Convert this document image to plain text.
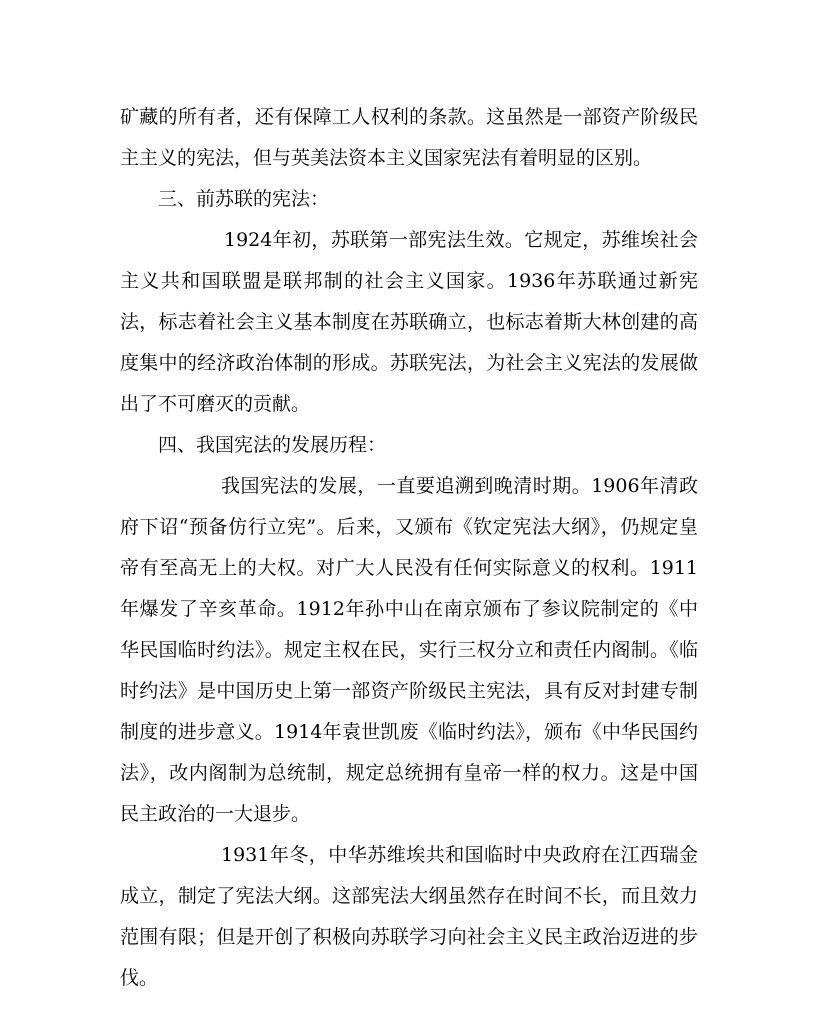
矿藏的所有者，还有保障工人权利的条款。这虽然是一部资产阶级民主主义的宪法，但与英美法资本主义国家宪法有着明显的区别。

三、前苏联的宪法：

1924年初，苏联第一部宪法生效。它规定，苏维埃社会主义共和国联盟是联邦制的社会主义国家。1936年苏联通过新宪法，标志着社会主义基本制度在苏联确立，也标志着斯大林创建的高度集中的经济政治体制的形成。苏联宪法，为社会主义宪法的发展做出了不可磨灭的贡献。

四、我国宪法的发展历程：

我国宪法的发展，一直要追溯到晚清时期。1906年清政府下诏“预备仿行立宪”。后来，又颁布《钦定宪法大纲》，仍规定皇帝有至高无上的大权。对广大人民没有任何实际意义的权利。1911年爆发了辛亥革命。1912年孙中山在南京颁布了参议院制定的《中华民国临时约法》。规定主权在民，实行三权分立和责任内阁制。《临时约法》是中国历史上第一部资产阶级民主宪法，具有反对封建专制制度的进步意义。1914年袁世凯废《临时约法》，颁布《中华民国约法》，改内阁制为总统制，规定总统拥有皇帝一样的权力。这是中国民主政治的一大退步。

1931年冬，中华苏维埃共和国临时中央政府在江西瑞金成立，制定了宪法大纲。这部宪法大纲虽然存在时间不长，而且效力范围有限；但是开创了积极向苏联学习向社会主义民主政治迈进的步伐。
